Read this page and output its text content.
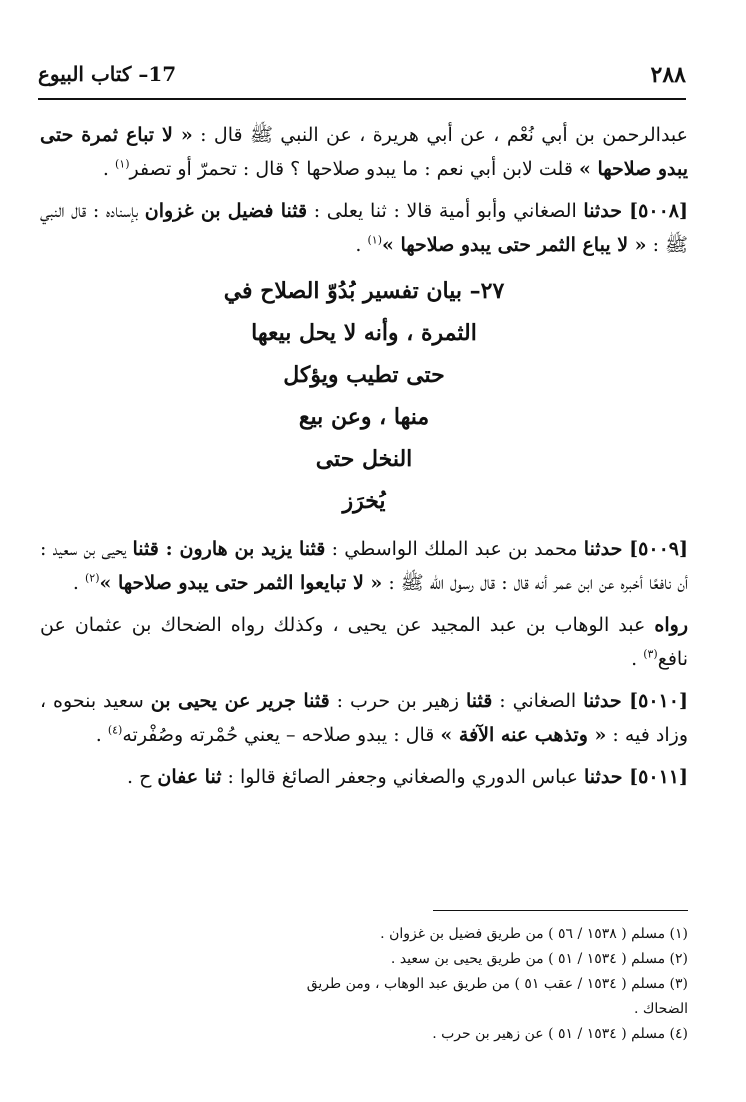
٢٨٨
17– كتاب البيوع

عبدالرحمن بن أبي نُعْم ، عن أبي هريرة ، عن النبي ﷺ قال : « لا تباع ثمرة حتى يبدو صلاحها » قلت لابن أبي نعم : ما يبدو صلاحها ؟ قال : تحمرّ أو تصفر$^{(١)}$ .

[٥٠٠٨] حدثنا الصغاني وأبو أمية قالا : ثنا يعلى : قثنا فضيل بن غزوان بإسناده : قال النبي ﷺ : « لا يباع الثمر حتى يبدو صلاحها »$^{(١)}$ .

٢٧– بيان تفسير بُدُوّ الصلاح في
الثمرة ، وأنه لا يحل بيعها
حتى تطيب ويؤكل
منها ، وعن بيع
النخل حتى
يُخرَز

[٥٠٠٩] حدثنا محمد بن عبد الملك الواسطي : قثنا يزيد بن هارون : قثنا يحيى بن سعيد : أن نافعًا أخبره عن ابن عمر أنه قال : قال رسول الله ﷺ : « لا تبايعوا الثمر حتى يبدو صلاحها »$^{(٢)}$ .

رواه عبد الوهاب بن عبد المجيد عن يحيى ، وكذلك رواه الضحاك بن عثمان عن نافع$^{(٣)}$ .

[٥٠١٠] حدثنا الصغاني : قثنا زهير بن حرب : قثنا جرير عن يحيى بن سعيد بنحوه ، وزاد فيه : « وتذهب عنه الآفة » قال : يبدو صلاحه – يعني حُمْرته وصُفْرته$^{(٤)}$ .

[٥٠١١] حدثنا عباس الدوري والصغاني وجعفر الصائغ قالوا : ثنا عفان ح .

(١) مسلم ( ١٥٣٨ / ٥٦ ) من طريق فضيل بن غزوان .

(٢) مسلم ( ١٥٣٤ / ٥١ ) من طريق يحيى بن سعيد .

(٣) مسلم ( ١٥٣٤ / عقب ٥١ ) من طريق عبد الوهاب ، ومن طريق الضحاك .

(٤) مسلم ( ١٥٣٤ / ٥١ ) عن زهير بن حرب .
